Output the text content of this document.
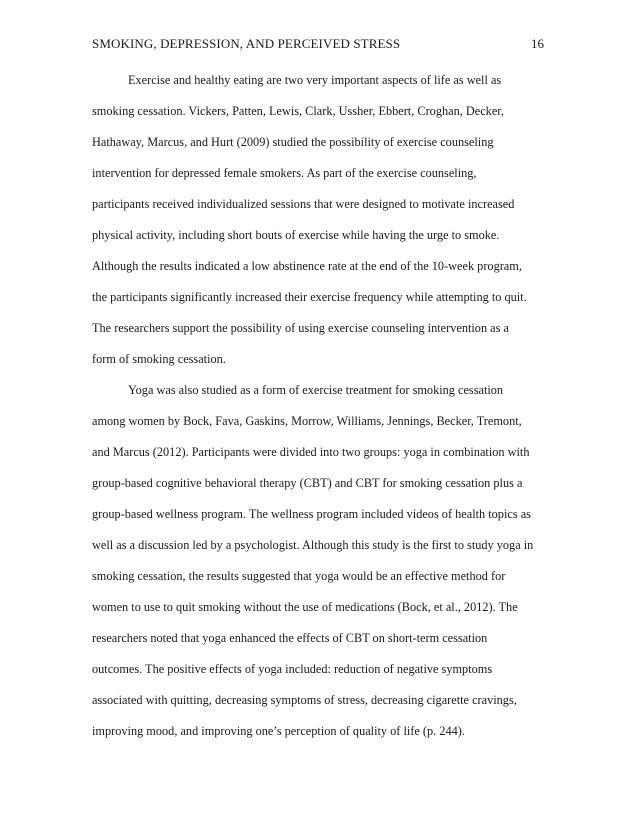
SMOKING, DEPRESSION, AND PERCEIVED STRESS	16
Exercise and healthy eating are two very important aspects of life as well as
smoking cessation. Vickers, Patten, Lewis, Clark, Ussher, Ebbert, Croghan, Decker,
Hathaway, Marcus, and Hurt (2009) studied the possibility of exercise counseling
intervention for depressed female smokers. As part of the exercise counseling,
participants received individualized sessions that were designed to motivate increased
physical activity, including short bouts of exercise while having the urge to smoke.
Although the results indicated a low abstinence rate at the end of the 10-week program,
the participants significantly increased their exercise frequency while attempting to quit.
The researchers support the possibility of using exercise counseling intervention as a
form of smoking cessation.
Yoga was also studied as a form of exercise treatment for smoking cessation
among women by Bock, Fava, Gaskins, Morrow, Williams, Jennings, Becker, Tremont,
and Marcus (2012). Participants were divided into two groups: yoga in combination with
group-based cognitive behavioral therapy (CBT) and CBT for smoking cessation plus a
group-based wellness program. The wellness program included videos of health topics as
well as a discussion led by a psychologist. Although this study is the first to study yoga in
smoking cessation, the results suggested that yoga would be an effective method for
women to use to quit smoking without the use of medications (Bock, et al., 2012). The
researchers noted that yoga enhanced the effects of CBT on short-term cessation
outcomes. The positive effects of yoga included: reduction of negative symptoms
associated with quitting, decreasing symptoms of stress, decreasing cigarette cravings,
improving mood, and improving one’s perception of quality of life (p. 244).
